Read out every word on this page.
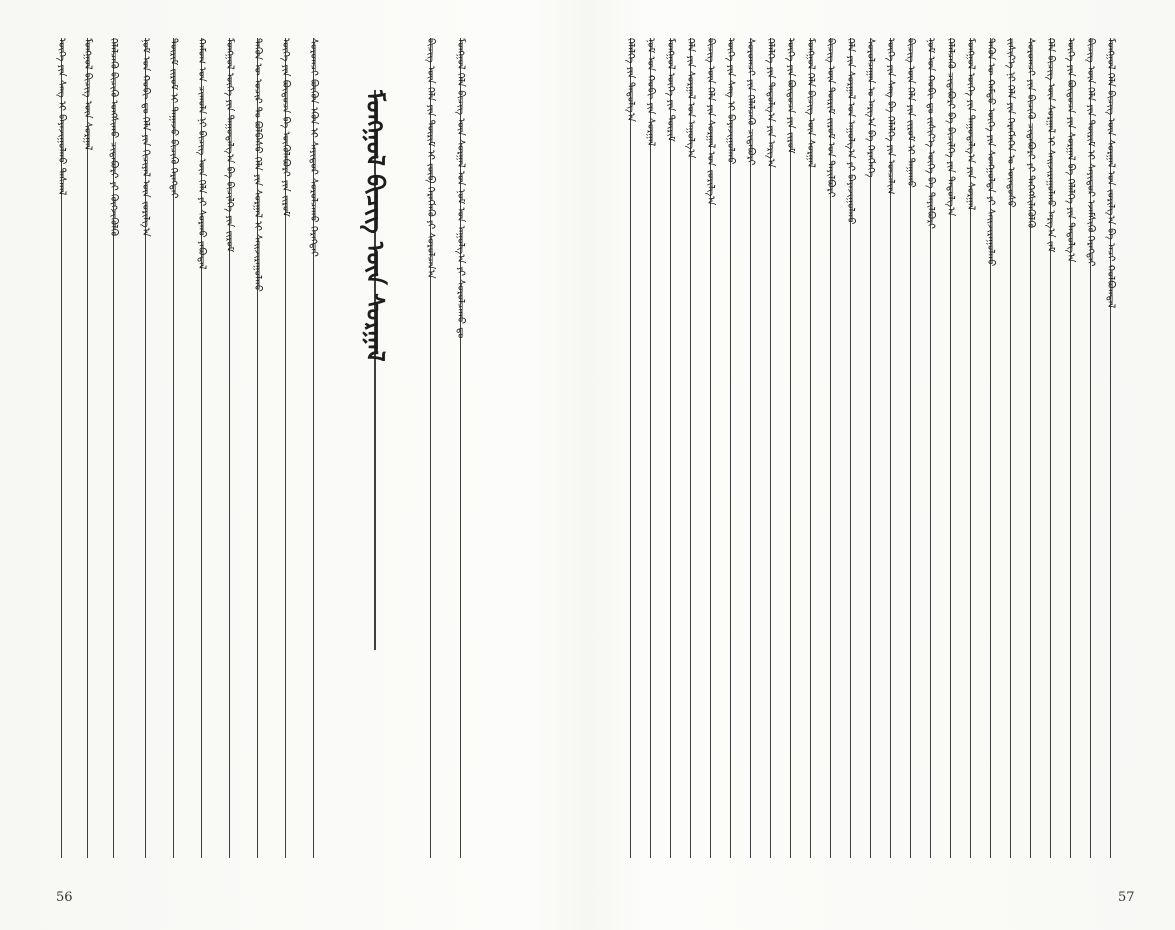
ᠦᠭᠡ ᠶᠢᠨ ᠰᠠᠩ ᠢ ᠪᠠᠶᠠᠵᠢᠭᠤᠯᠬᠤ ᠳᠠᠰᠬᠠᠯ ᠮᠣᠩᠭᠣᠯ ᠪᠢᠴᠢᠭ ᠦᠨ ᠰᠤᠷᠭᠠᠯ ᠬᠡᠯᠡᠯᠴᠡᠬᠦ ᠪᠢᠴᠢᠬᠦ ᠤᠩᠰᠢᠬᠤ ᠴᠢᠳᠠᠪᠤᠷᠢ ᠶᠢ ᠬᠥᠭᠵᠢᠭᠦᠯᠬᠦ ᠨᠣᠮ ᠤᠨ ᠬᠤᠪᠢ ᠳᠤ ᠬᠡᠯᠡ ᠶᠢᠨ ᠬᠢᠴᠢᠶᠡᠯ ᠦᠨ ᠵᠣᠷᠢᠯᠭ᠎ᠠ ᠳᠦᠷᠢᠮ ᠵᠢᠷᠤᠮ ᠢ ᠳᠠᠭᠠᠵᠤ ᠪᠢᠴᠢᠬᠦ ᠬᠡᠷᠡᠭᠲᠡᠶ ᠬᠠᠮᠤᠭ ᠤᠨ ᠴᠢᠬᠤᠯᠠ ᠨᠢ ᠪᠢᠴᠢᠭ ᠦᠨ ᠬᠡᠯᠡ ᠶᠢ ᠰᠤᠷᠬᠤ ᠶᠠᠪᠤᠳᠠᠯ ᠮᠣᠩᠭᠣᠯ ᠦᠭᠡ ᠶᠢᠨ ᠳᠠᠭᠤᠳᠠᠯᠭ᠎ᠠ ᠪᠠ ᠪᠢᠴᠢᠯᠭᠡ ᠶᠢᠨ ᠵᠢᠷᠤᠮ ᠲᠡᠭᠦᠨ ᠦ ᠤᠴᠢᠷ ᠲᠤ ᠪᠣᠯᠪᠠᠰᠤ ᠬᠡᠯᠡ ᠶᠢᠨ ᠰᠤᠷᠭᠠᠯ ᠢ ᠰᠠᠢᠵᠢᠷᠠᠭᠤᠯᠬᠤ ᠦᠭᠡ ᠶᠢᠨ ᠪᠦᠲᠦᠴᠡ ᠪᠠ ᠥᠭᠦᠯᠡᠪᠦᠷᠢ ᠶᠢᠨ ᠵᠢᠷᠤᠮ ᠰᠤᠷᠤᠭᠴᠢ ᠪᠦᠬᠦᠨ ᠡᠭᠦᠨ ᠢ ᠰᠠᠶᠢᠲᠤᠷ ᠰᠤᠷᠤᠯᠴᠠᠬᠤ ᠬᠡᠷᠡᠭᠲᠡᠶ ᠮᠣᠩᠭᠣᠯ ᠪᠢᠴᠢᠭ ᠦᠨ ᠰᠤᠷᠭᠠᠯ	ᠪᠢᠴᠢᠭ ᠦᠨ ᠬᠡᠯᠡ ᠶᠢᠨ ᠳᠦᠷᠢᠮ ᠢ ᠵᠥᠪ ᠬᠡᠷᠡᠭᠯᠡᠬᠦ ᠶᠢ ᠰᠤᠷᠤᠯᠴᠠᠨ᠎ᠠ ᠮᠣᠩᠭᠣᠯ ᠬᠡᠯᠡ ᠪᠢᠴᠢᠭ ᠦᠨ ᠰᠤᠷᠭᠠᠯ ᠤᠨ ᠨᠣᠮ ᠤᠨ ᠠᠭᠤᠯᠭ᠎ᠠ ᠶᠢ ᠰᠤᠷᠤᠯᠴᠠᠬᠤ ᠳᠤ
56
ᠬᠡᠯᠡᠯᠭᠡ ᠶᠢᠨ ᠳᠠᠳᠤᠯᠭ᠎ᠠ ᠨᠣᠮ ᠤᠨ ᠬᠤᠪᠢ ᠶᠢᠨ ᠰᠤᠷᠭᠠᠯ ᠮᠣᠩᠭᠣᠯ ᠦᠭᠡ ᠶᠢᠨ ᠳᠦᠷᠢᠮ ᠬᠡᠯᠡ ᠶᠢᠨ ᠰᠤᠷᠭᠠᠯ ᠤᠨ ᠠᠭᠤᠯᠭ᠎ᠠ ᠪᠢᠴᠢᠭ ᠦᠨ ᠬᠡᠯᠡ ᠶᠢᠨ ᠰᠤᠷᠭᠠᠯ ᠤᠨ ᠵᠣᠷᠢᠯᠭ᠎ᠠ ᠦᠭᠡ ᠶᠢᠨ ᠰᠠᠩ ᠢ ᠪᠠᠶᠠᠵᠢᠭᠤᠯᠬᠤ ᠰᠤᠷᠤᠭᠴᠢ ᠶᠢᠨ ᠬᠡᠯᠡᠯᠴᠡᠬᠦ ᠴᠢᠳᠠᠪᠤᠷᠢ ᠬᠡᠯᠡᠯᠭᠡ ᠶᠢᠨ ᠳᠠᠳᠤᠯᠭ᠎ᠠ ᠶᠢᠨ ᠠᠷᠭ᠎ᠠ ᠦᠭᠡ ᠶᠢᠨ ᠪᠦᠲᠦᠴᠡ ᠶᠢᠨ ᠵᠢᠷᠤᠮ ᠮᠣᠩᠭᠣᠯ ᠬᠡᠯᠡ ᠪᠢᠴᠢᠭ ᠦᠨ ᠰᠤᠷᠭᠠᠯ ᠪᠢᠴᠢᠭ ᠦᠨ ᠳᠦᠷᠢᠮ ᠵᠢᠷᠤᠮ ᠤᠨ ᠲᠠᠶᠢᠯᠪᠤᠷᠢ ᠬᠡᠯᠡ ᠶᠢᠨ ᠰᠤᠷᠭᠠᠯ ᠤᠨ ᠠᠭᠤᠯᠭ᠎ᠠ ᠶᠢ ᠪᠠᠶᠠᠵᠢᠭᠤᠯᠬᠤ ᠰᠤᠷᠤᠯᠴᠠᠭᠠᠨ ᠤ ᠠᠷᠭ᠎ᠠ ᠪᠠ ᠬᠡᠷᠡᠭᠯᠡᠭᠡ ᠦᠭᠡ ᠶᠢᠨ ᠰᠠᠩ ᠪᠠ ᠬᠡᠯᠡᠯᠭᠡ ᠶᠢᠨ ᠣᠨᠴᠠᠯᠢᠭ ᠪᠢᠴᠢᠭ ᠦᠨ ᠬᠡᠯᠡ ᠶᠢᠨ ᠵᠢᠷᠤᠮ ᠢ ᠳᠠᠭᠠᠬᠤ ᠨᠣᠮ ᠤᠨ ᠬᠤᠪᠢ ᠳᠤ ᠵᠢᠱᠢᠶ᠎ᠡ ᠦᠭᠡ ᠪᠠ ᠲᠠᠶᠢᠯᠪᠤᠷᠢ ᠬᠡᠯᠡᠯᠴᠡᠬᠦ ᠴᠢᠳᠠᠪᠤᠷᠢ ᠪᠠ ᠪᠢᠴᠢᠯᠭᠡ ᠶᠢᠨ ᠳᠠᠳᠤᠯᠭ᠎ᠠ ᠮᠣᠩᠭᠣᠯ ᠦᠭᠡ ᠶᠢᠨ ᠳᠠᠭᠤᠳᠠᠯᠭ᠎ᠠ ᠶᠢᠨ ᠰᠤᠷᠭᠠᠯ ᠲᠡᠭᠦᠨ ᠦ ᠬᠠᠮᠲᠤ ᠦᠭᠡ ᠶᠢᠨ ᠰᠣᠩᠭᠣᠯᠲᠠ ᠶᠢ ᠰᠠᠢᠵᠢᠷᠠᠭᠤᠯᠬᠤ ᠵᠢᠱᠢᠶ᠎ᠡ ᠨᠢ ᠬᠡᠯᠡ ᠶᠢᠨ ᠬᠡᠷᠡᠭᠯᠡᠭᠡᠨ ᠤ ᠦᠨᠳᠦᠰᠦ ᠰᠤᠷᠤᠭᠴᠢ ᠶᠢᠨ ᠪᠢᠴᠢᠬᠦ ᠴᠢᠳᠠᠪᠤᠷᠢ ᠶᠢ ᠳᠡᠭᠡᠭᠰᠢᠯᠡᠭᠦᠯᠬᠦ ᠬᠡᠯᠡ ᠪᠢᠴᠢᠭ ᠦᠨ ᠰᠤᠷᠭᠠᠯ ᠢ ᠰᠠᠢᠵᠢᠷᠠᠭᠤᠯᠬᠤ ᠠᠷᠭ᠎ᠠ ᠵᠠᠮ ᠦᠭᠡ ᠶᠢᠨ ᠪᠦᠲᠦᠴᠡ ᠶᠢᠨ ᠰᠤᠷᠭᠠᠯ ᠪᠠ ᠬᠡᠯᠡᠯᠭᠡ ᠶᠢᠨ ᠳᠠᠳᠤᠯᠭ᠎ᠠ ᠪᠢᠴᠢᠭ ᠦᠨ ᠬᠡᠯᠡ ᠶᠢᠨ ᠳᠦᠷᠢᠮ ᠢ ᠰᠠᠶᠢᠲᠤᠷ ᠡᠵᠡᠮᠰᠢᠬᠦ ᠬᠡᠷᠡᠭᠲᠡᠶ ᠮᠣᠩᠭᠣᠯ ᠬᠡᠯᠡ ᠪᠢᠴᠢᠭ ᠦᠨ ᠰᠤᠷᠭᠠᠯ ᠤᠨ ᠵᠣᠷᠢᠯᠭ᠎ᠠ ᠪᠠ ᠠᠴᠢ ᠬᠣᠯᠪᠣᠭᠳᠠᠯ
57
